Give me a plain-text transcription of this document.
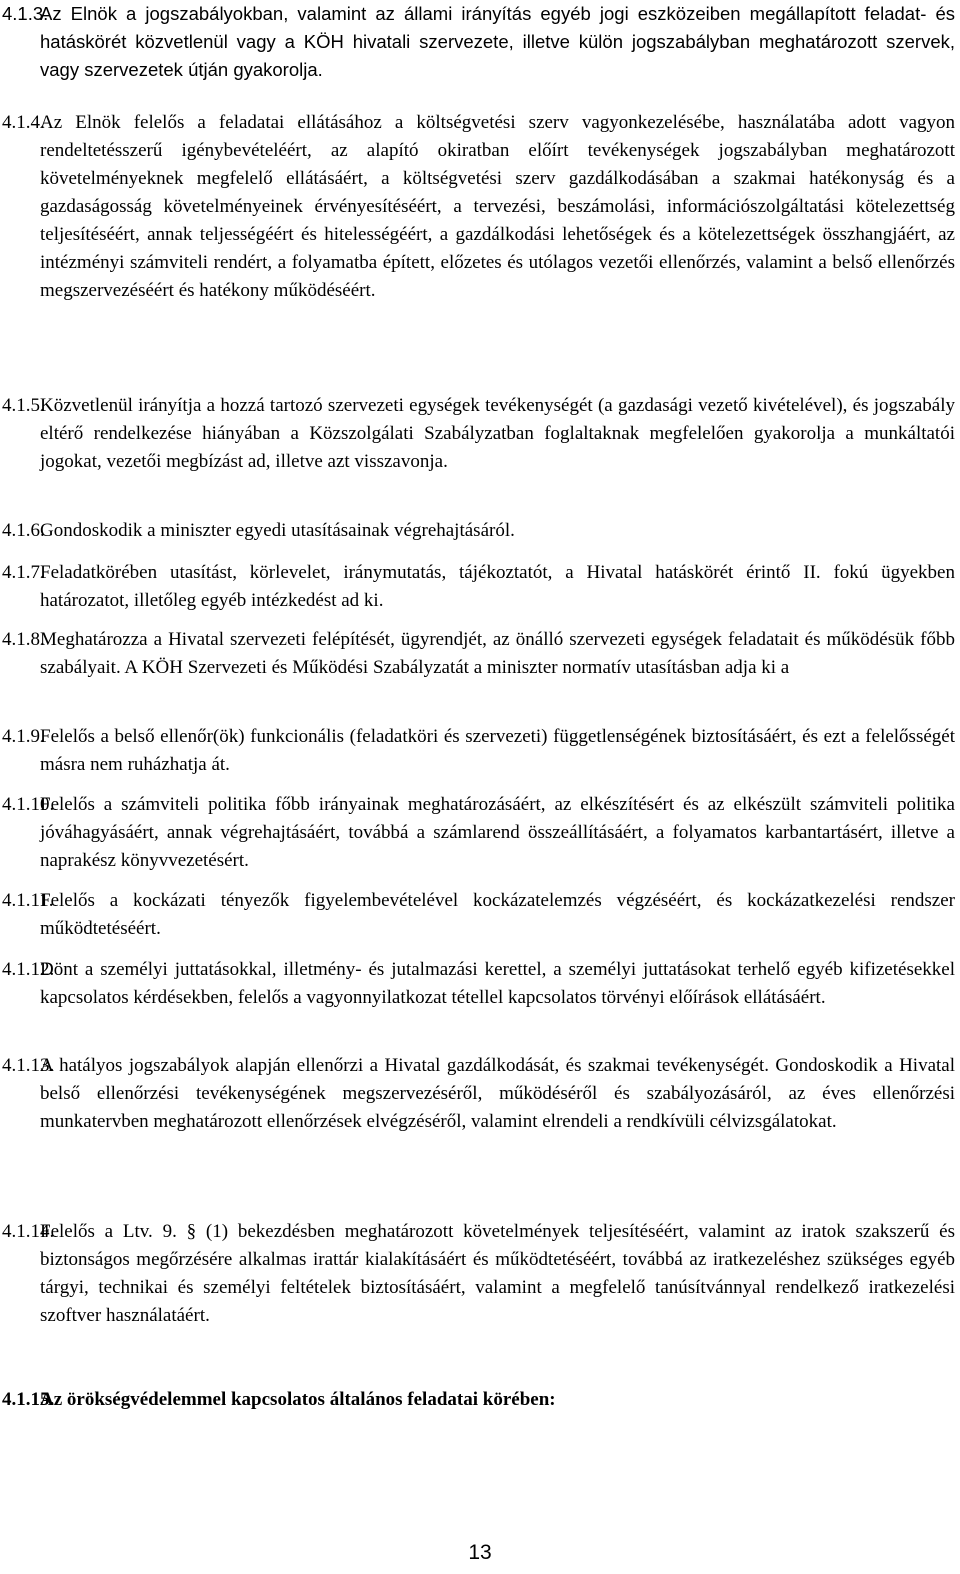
4.1.3.
Az Elnök a jogszabályokban, valamint az állami irányítás egyéb jogi eszközeiben megállapított feladat- és hatáskörét közvetlenül vagy a KÖH hivatali szervezete, illetve külön jogszabályban meghatározott szervek, vagy szervezetek útján gyakorolja.
4.1.4.
Az Elnök felelős a feladatai ellátásához a költségvetési szerv vagyonkezelésébe, használatába adott vagyon rendeltetésszerű igénybevételéért, az alapító okiratban előírt tevékenységek jogszabályban meghatározott követelményeknek megfelelő ellátásáért, a költségvetési szerv gazdálkodásában a szakmai hatékonyság és a gazdaságosság követelményeinek érvényesítéséért, a tervezési, beszámolási, információszolgáltatási kötelezettség teljesítéséért, annak teljességéért és hitelességéért, a gazdálkodási lehetőségek és a kötelezettségek összhangjáért, az intézményi számviteli rendért, a folyamatba épített, előzetes és utólagos vezetői ellenőrzés, valamint a belső ellenőrzés megszervezéséért és hatékony működéséért.
4.1.5.
Közvetlenül irányítja a hozzá tartozó szervezeti egységek tevékenységét (a gazdasági vezető kivételével), és jogszabály eltérő rendelkezése hiányában a Közszolgálati Szabályzatban foglaltaknak megfelelően gyakorolja a munkáltatói jogokat, vezetői megbízást ad, illetve azt visszavonja.
4.1.6.
Gondoskodik a miniszter egyedi utasításainak végrehajtásáról.
4.1.7.
Feladatkörében utasítást, körlevelet, iránymutatás, tájékoztatót, a Hivatal hatáskörét érintő II. fokú ügyekben határozatot, illetőleg egyéb intézkedést ad ki.
4.1.8.
Meghatározza a Hivatal szervezeti felépítését, ügyrendjét, az önálló szervezeti egységek feladatait és működésük főbb szabályait. A KÖH Szervezeti és Működési Szabályzatát a miniszter normatív utasításban adja ki a
4.1.9.
Felelős a belső ellenőr(ök) funkcionális (feladatköri és szervezeti) függetlenségének biztosításáért, és ezt a felelősségét másra nem ruházhatja át.
4.1.10.
Felelős a számviteli politika főbb irányainak meghatározásáért, az elkészítésért és az elkészült számviteli politika jóváhagyásáért, annak végrehajtásáért, továbbá a számlarend összeállításáért, a folyamatos karbantartásért, illetve a naprakész könyvvezetésért.
4.1.11.
Felelős a kockázati tényezők figyelembevételével kockázatelemzés végzéséért, és kockázatkezelési rendszer működtetéséért.
4.1.12.
Dönt a személyi juttatásokkal, illetmény- és jutalmazási kerettel, a személyi juttatásokat terhelő egyéb kifizetésekkel kapcsolatos kérdésekben, felelős a vagyonnyilatkozat tétellel kapcsolatos törvényi előírások ellátásáért.
4.1.13.
A hatályos jogszabályok alapján ellenőrzi a Hivatal gazdálkodását, és szakmai tevékenységét. Gondoskodik a Hivatal belső ellenőrzési tevékenységének megszervezéséről, működéséről és szabályozásáról, az éves ellenőrzési munkatervben meghatározott ellenőrzések elvégzéséről, valamint elrendeli a rendkívüli célvizsgálatokat.
4.1.14.
Felelős a Ltv. 9. § (1) bekezdésben meghatározott követelmények teljesítéséért, valamint az iratok szakszerű és biztonságos megőrzésére alkalmas irattár kialakításáért és működtetéséért, továbbá az iratkezeléshez szükséges egyéb tárgyi, technikai és személyi feltételek biztosításáért, valamint a megfelelő tanúsítvánnyal rendelkező iratkezelési szoftver használatáért.
4.1.15.
Az örökségvédelemmel kapcsolatos általános feladatai körében:
13
